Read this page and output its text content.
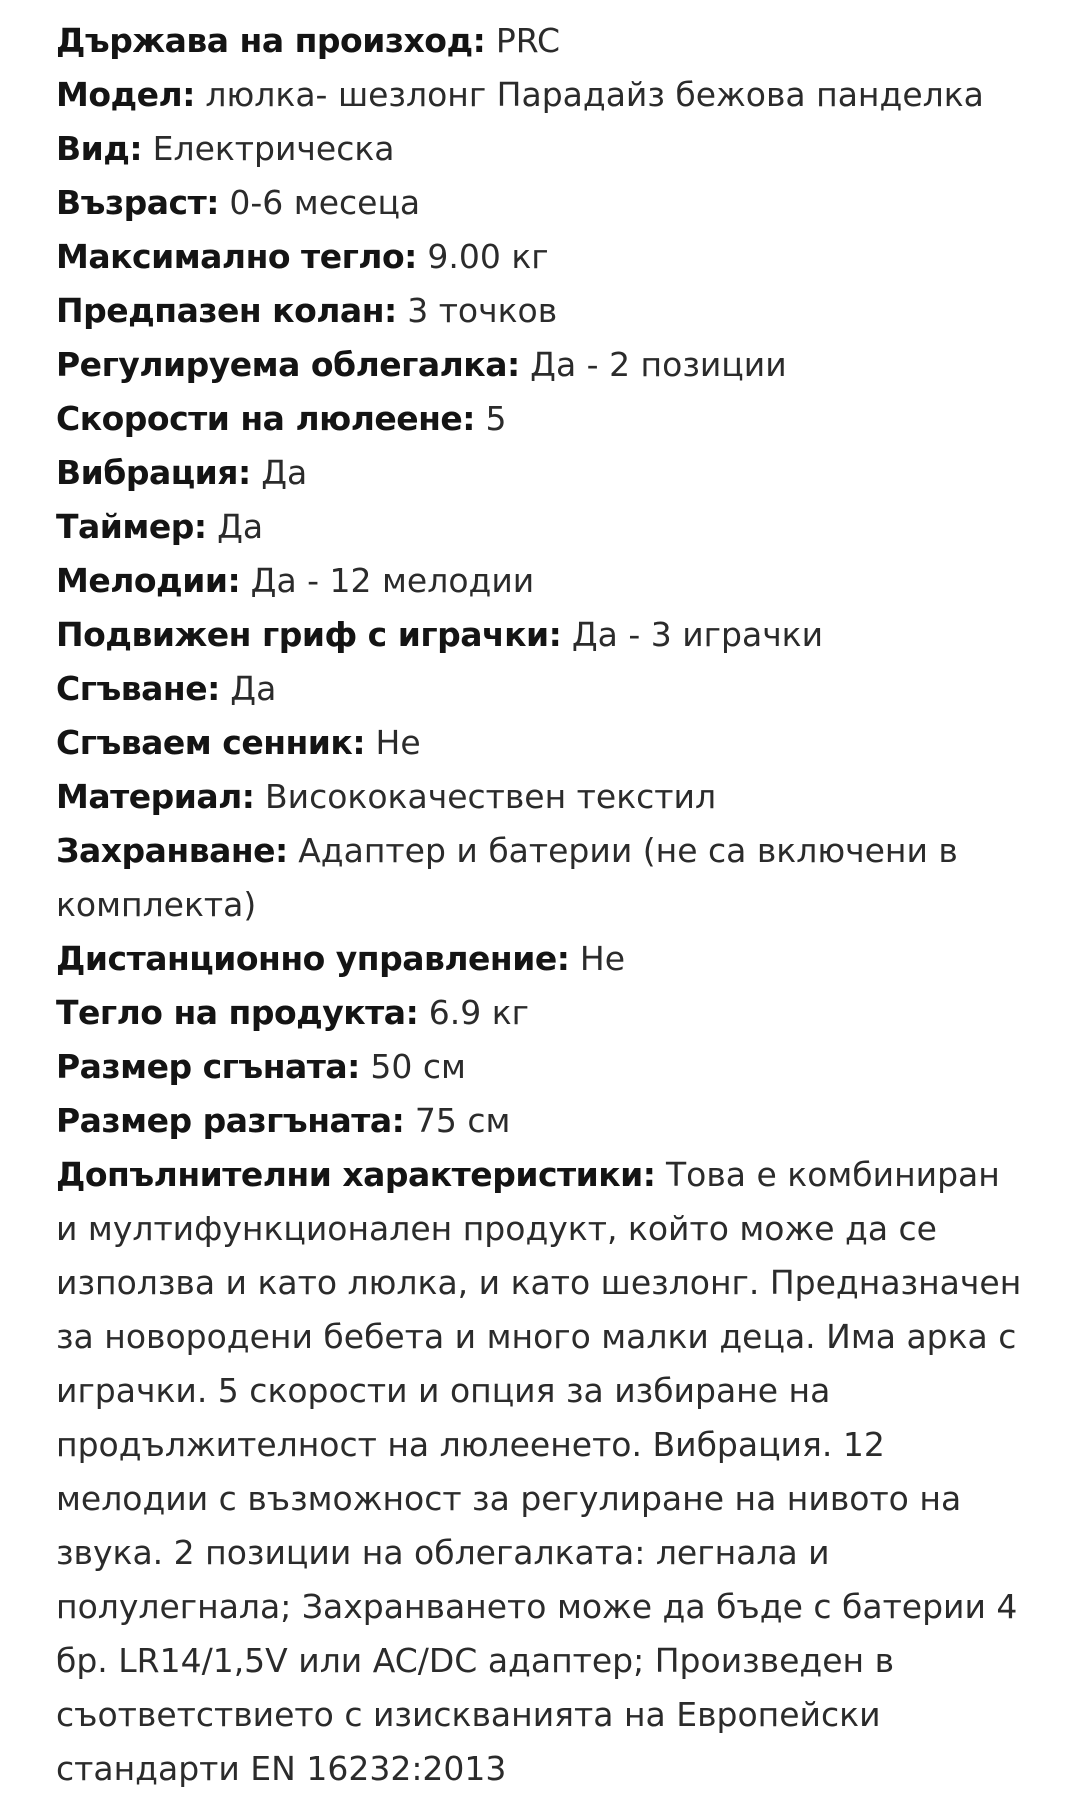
Държава на произход: PRC
Модел: люлка- шезлонг Парадайз бежова панделка
Вид: Електрическа
Възраст: 0-6 месеца
Максимално тегло: 9.00 кг
Предпазен колан: 3 точков
Регулируема облегалка: Да - 2 позиции
Скорости на люлеене: 5
Вибрация: Да
Таймер: Да
Мелодии: Да - 12 мелодии
Подвижен гриф с играчки: Да - 3 играчки
Сгъване: Да
Сгъваем сенник: Не
Материал: Висококачествен текстил
Захранване: Адаптер и батерии (не са включени в комплекта)
Дистанционно управление: Не
Тегло на продукта: 6.9 кг
Размер сгъната: 50 см
Размер разгъната: 75 см
Допълнителни характеристики: Това е комбиниран и мултифункционален продукт, който може да се използва и като люлка, и като шезлонг. Предназначен за новородени бебета и много малки деца. Има арка с играчки. 5 скорости и опция за избиране на продължителност на люлеенето. Вибрация. 12 мелодии с възможност за регулиране на нивото на звука. 2 позиции на облегалката: легнала и полулегнала; Захранването може да бъде с батерии 4 бр. LR14/1,5V или AC/DC адаптер; Произведен в съответствието с изискванията на Европейски стандарти EN 16232:2013
